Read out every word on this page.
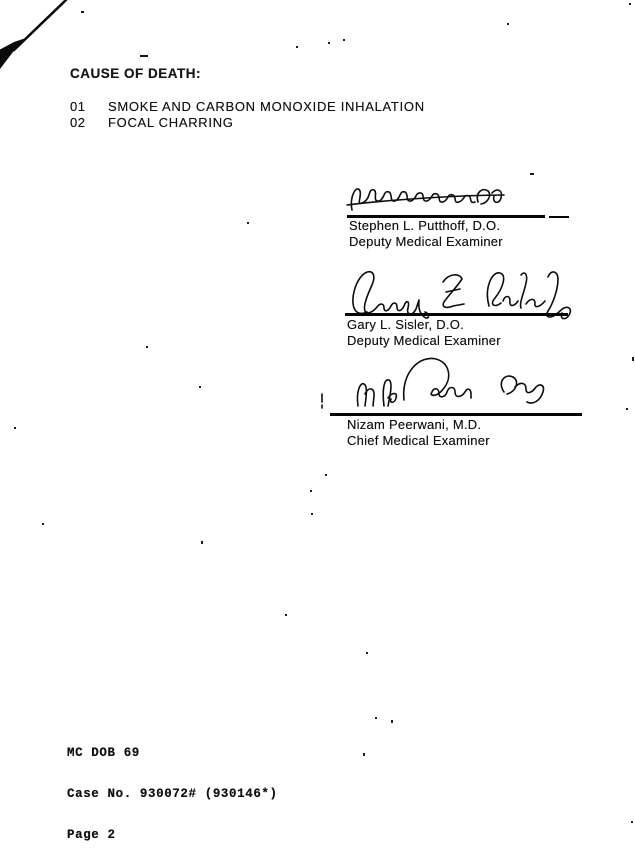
CAUSE OF DEATH:
01	SMOKE AND CARBON MONOXIDE INHALATION
02	FOCAL CHARRING
Stephen L. Putthoff, D.O.
Deputy Medical Examiner
Gary L. Sisler, D.O.
Deputy Medical Examiner
Nizam Peerwani, M.D.
Chief Medical Examiner

MC DOB 69

Case No. 930072# (930146*)

Page 2
